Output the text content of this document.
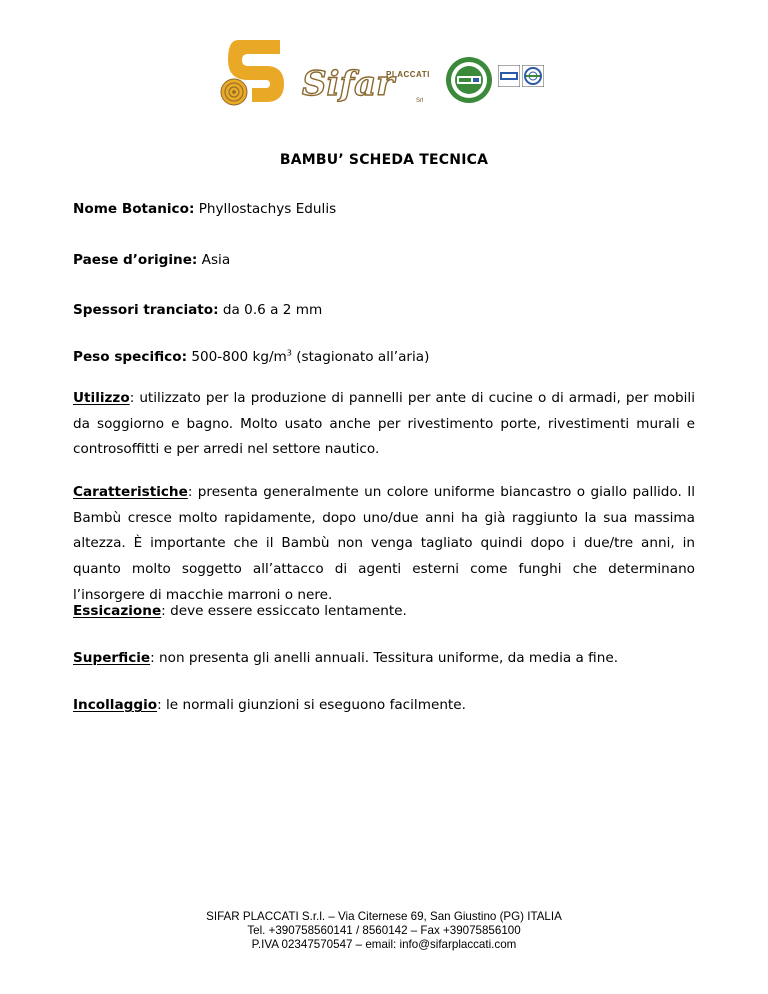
PLACCATI
Sifar	Srl
BAMBU’ SCHEDA TECNICA

Nome Botanico: Phyllostachys Edulis

Paese d’origine: Asia

Spessori tranciato: da 0.6 a 2 mm

Peso specifico: 500-800 $kg/m^3$ (stagionato all’aria)

Utilizzo: utilizzato per la produzione di pannelli per ante di cucine o di armadi, per mobili da soggiorno e bagno. Molto usato anche per rivestimento porte, rivestimenti murali e controsoffitti e per arredi nel settore nautico.

Caratteristiche: presenta generalmente un colore uniforme biancastro o giallo pallido. Il Bambù cresce molto rapidamente, dopo uno/due anni ha già raggiunto la sua massima altezza. È importante che il Bambù non venga tagliato quindi dopo i due/tre anni, in quanto molto soggetto all’attacco di agenti esterni come funghi che determinano l’insorgere di macchie marroni o nere.

Essicazione: deve essere essiccato lentamente.

Superficie: non presenta gli anelli annuali. Tessitura uniforme, da media a fine.

Incollaggio: le normali giunzioni si eseguono facilmente.

SIFAR PLACCATI S.r.l. – Via Citernese 69, San Giustino (PG) ITALIA
Tel. +390758560141 / 8560142 – Fax +39075856100
P.IVA 02347570547 – email: info@sifarplaccati.com
